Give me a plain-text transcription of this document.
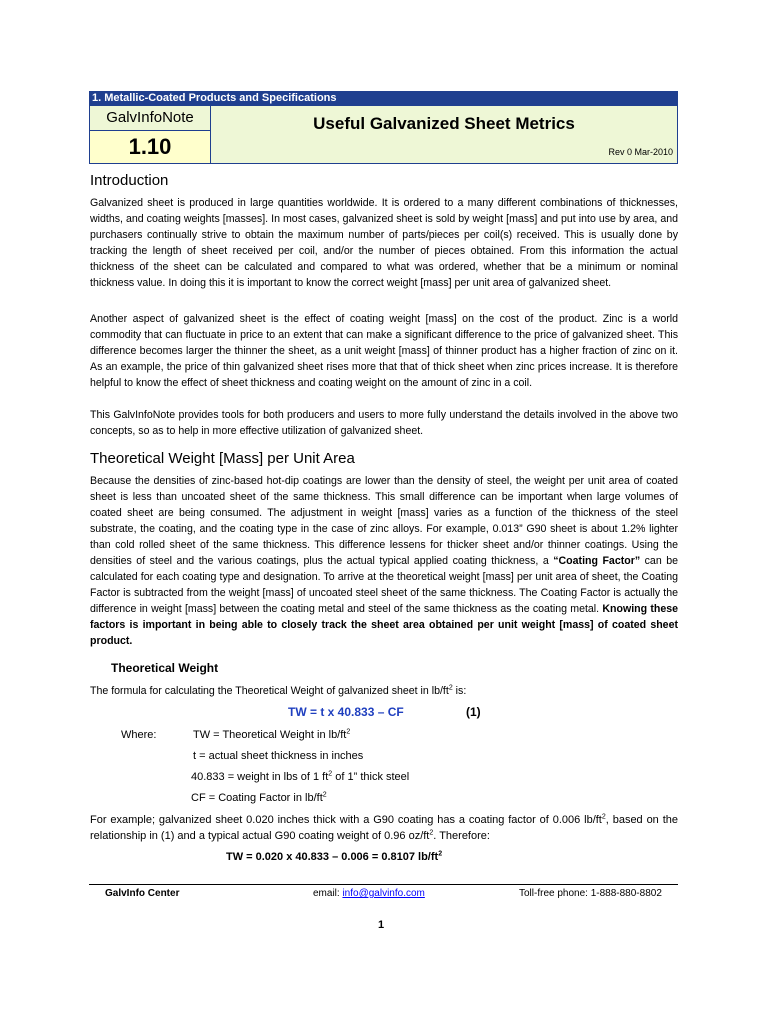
1. Metallic-Coated Products and Specifications
GalvInfoNote
1.10
Useful Galvanized Sheet Metrics
Rev 0 Mar-2010
Introduction

Galvanized sheet is produced in large quantities worldwide. It is ordered to a many different combinations of thicknesses, widths, and coating weights [masses]. In most cases, galvanized sheet is sold by weight [mass] and put into use by area, and purchasers continually strive to obtain the maximum number of parts/pieces per coil(s) received. This is usually done by tracking the length of sheet received per coil, and/or the number of pieces obtained. From this information the actual thickness of the sheet can be calculated and compared to what was ordered, whether that be a minimum or nominal thickness value. In doing this it is important to know the correct weight [mass] per unit area of galvanized sheet.

Another aspect of galvanized sheet is the effect of coating weight [mass] on the cost of the product. Zinc is a world commodity that can fluctuate in price to an extent that can make a significant difference to the price of galvanized sheet. This difference becomes larger the thinner the sheet, as a unit weight [mass] of thinner product has a higher fraction of zinc on it. As an example, the price of thin galvanized sheet rises more that that of thick sheet when zinc prices increase. It is therefore helpful to know the effect of sheet thickness and coating weight on the amount of zinc in a coil.

This GalvInfoNote provides tools for both producers and users to more fully understand the details involved in the above two concepts, so as to help in more effective utilization of galvanized sheet.

Theoretical Weight [Mass] per Unit Area

Because the densities of zinc-based hot-dip coatings are lower than the density of steel, the weight per unit area of coated sheet is less than uncoated sheet of the same thickness. This small difference can be important when large volumes of coated sheet are being consumed. The adjustment in weight [mass] varies as a function of the thickness of the steel substrate, the coating, and the coating type in the case of zinc alloys. For example, 0.013” G90 sheet is about 1.2% lighter than cold rolled sheet of the same thickness. This difference lessens for thicker sheet and/or thinner coatings. Using the densities of steel and the various coatings, plus the actual typical applied coating thickness, a “Coating Factor” can be calculated for each coating type and designation. To arrive at the theoretical weight [mass] per unit area of sheet, the Coating Factor is subtracted from the weight [mass] of uncoated steel sheet of the same thickness. The Coating Factor is actually the difference in weight [mass] between the coating metal and steel of the same thickness as the coating metal. Knowing these factors is important in being able to closely track the sheet area obtained per unit weight [mass] of coated sheet product.

Theoretical Weight
The formula for calculating the Theoretical Weight of galvanized sheet in $lb/ft^2$ is:
TW = t x 40.833 – CF	(1)
Where:	TW = Theoretical Weight in $lb/ft^2$
t = actual sheet thickness in inches
40.833 = weight in lbs of 1 $ft^2$ of 1” thick steel
CF = Coating Factor in $lb/ft^2$

For example; galvanized sheet 0.020 inches thick with a G90 coating has a coating factor of 0.006 $lb/ft^2$, based on the relationship in (1) and a typical actual G90 coating weight of 0.96 $oz/ft^2$. Therefore:

TW = 0.020 x 40.833 – 0.006 = 0.8107 $lb/ft^2$
GalvInfo Center	email: info@galvinfo.com	Toll-free phone: 1-888-880-8802
1
